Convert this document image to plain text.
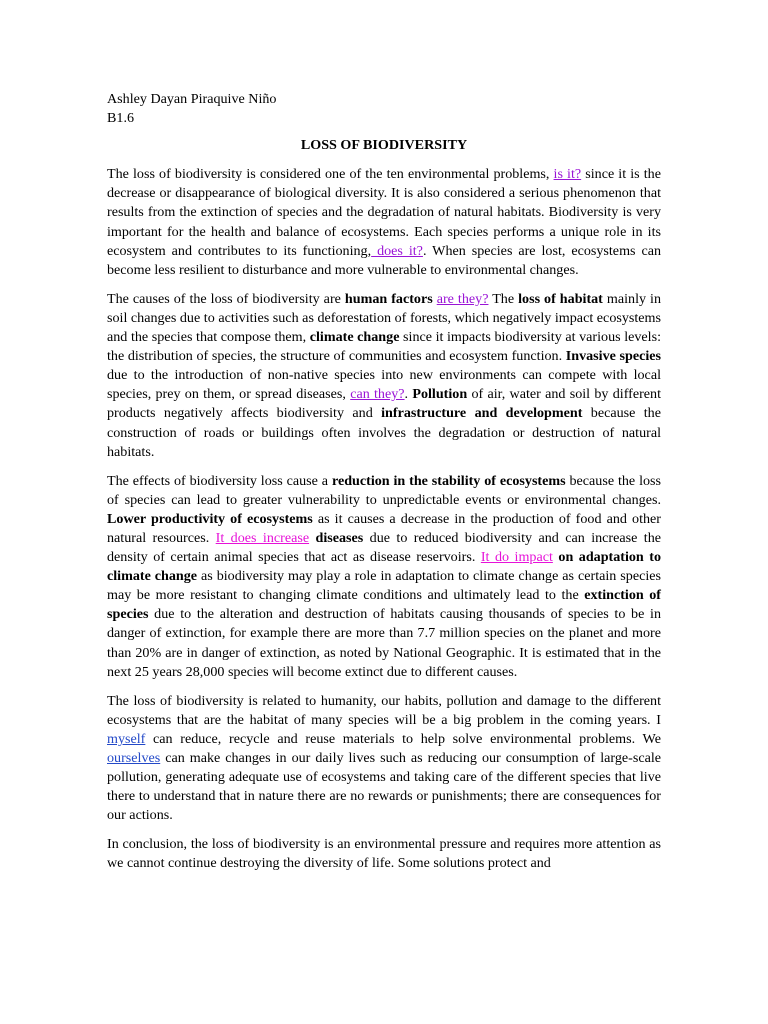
Ashley Dayan Piraquive Niño

B1.6

LOSS OF BIODIVERSITY

The loss of biodiversity is considered one of the ten environmental problems, is it? since it is the decrease or disappearance of biological diversity. It is also considered a serious phenomenon that results from the extinction of species and the degradation of natural habitats. Biodiversity is very important for the health and balance of ecosystems. Each species performs a unique role in its ecosystem and contributes to its functioning, does it?. When species are lost, ecosystems can become less resilient to disturbance and more vulnerable to environmental changes.

The causes of the loss of biodiversity are human factors are they? The loss of habitat mainly in soil changes due to activities such as deforestation of forests, which negatively impact ecosystems and the species that compose them, climate change since it impacts biodiversity at various levels: the distribution of species, the structure of communities and ecosystem function. Invasive species due to the introduction of non-native species into new environments can compete with local species, prey on them, or spread diseases, can they?. Pollution of air, water and soil by different products negatively affects biodiversity and infrastructure and development because the construction of roads or buildings often involves the degradation or destruction of natural habitats.

The effects of biodiversity loss cause a reduction in the stability of ecosystems because the loss of species can lead to greater vulnerability to unpredictable events or environmental changes. Lower productivity of ecosystems as it causes a decrease in the production of food and other natural resources. It does increase diseases due to reduced biodiversity and can increase the density of certain animal species that act as disease reservoirs. It do impact on adaptation to climate change as biodiversity may play a role in adaptation to climate change as certain species may be more resistant to changing climate conditions and ultimately lead to the extinction of species due to the alteration and destruction of habitats causing thousands of species to be in danger of extinction, for example there are more than 7.7 million species on the planet and more than 20% are in danger of extinction, as noted by National Geographic. It is estimated that in the next 25 years 28,000 species will become extinct due to different causes.

The loss of biodiversity is related to humanity, our habits, pollution and damage to the different ecosystems that are the habitat of many species will be a big problem in the coming years. I myself can reduce, recycle and reuse materials to help solve environmental problems. We ourselves can make changes in our daily lives such as reducing our consumption of large-scale pollution, generating adequate use of ecosystems and taking care of the different species that live there to understand that in nature there are no rewards or punishments; there are consequences for our actions.

In conclusion, the loss of biodiversity is an environmental pressure and requires more attention as we cannot continue destroying the diversity of life. Some solutions protect and
